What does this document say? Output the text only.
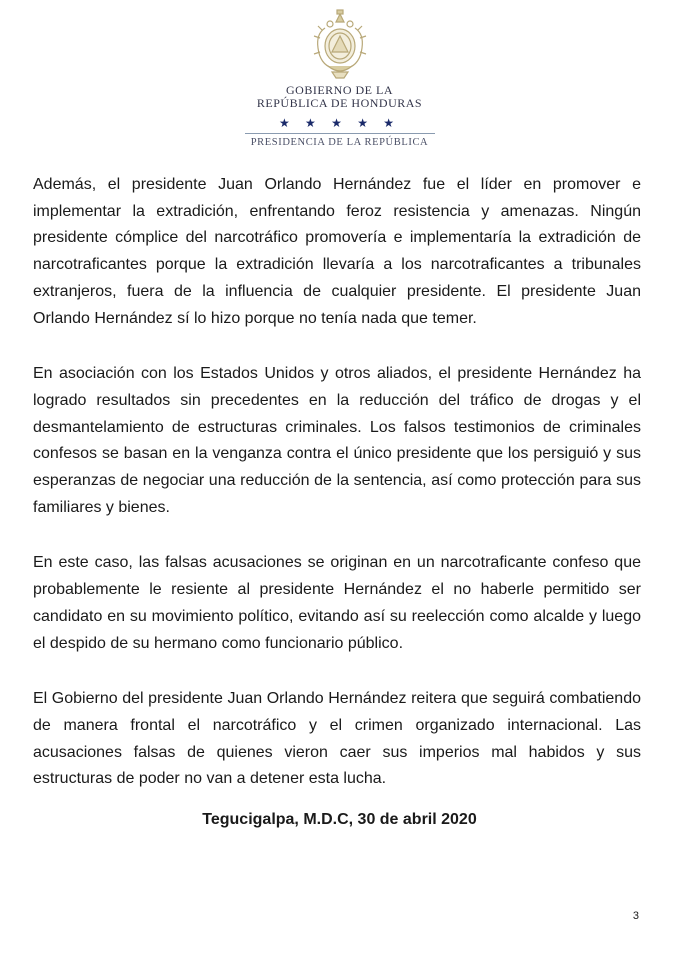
GOBIERNO DE LA
REPÚBLICA DE HONDURAS
★ ★ ★ ★ ★
PRESIDENCIA DE LA REPÚBLICA

Además, el presidente Juan Orlando Hernández fue el líder en promover e implementar la extradición, enfrentando feroz resistencia y amenazas. Ningún presidente cómplice del narcotráfico promovería e implementaría la extradición de narcotraficantes porque la extradición llevaría a los narcotraficantes a tribunales extranjeros, fuera de la influencia de cualquier presidente. El presidente Juan Orlando Hernández sí lo hizo porque no tenía nada que temer.

En asociación con los Estados Unidos y otros aliados, el presidente Hernández ha logrado resultados sin precedentes en la reducción del tráfico de drogas y el desmantelamiento de estructuras criminales. Los falsos testimonios de criminales confesos se basan en la venganza contra el único presidente que los persiguió y sus esperanzas de negociar una reducción de la sentencia, así como protección para sus familiares y bienes.

En este caso, las falsas acusaciones se originan en un narcotraficante confeso que probablemente le resiente al presidente Hernández el no haberle permitido ser candidato en su movimiento político, evitando así su reelección como alcalde y luego el despido de su hermano como funcionario público.

El Gobierno del presidente Juan Orlando Hernández reitera que seguirá combatiendo de manera frontal el narcotráfico y el crimen organizado internacional. Las acusaciones falsas de quienes vieron caer sus imperios mal habidos y sus estructuras de poder no van a detener esta lucha.

Tegucigalpa, M.D.C, 30 de abril 2020
3
